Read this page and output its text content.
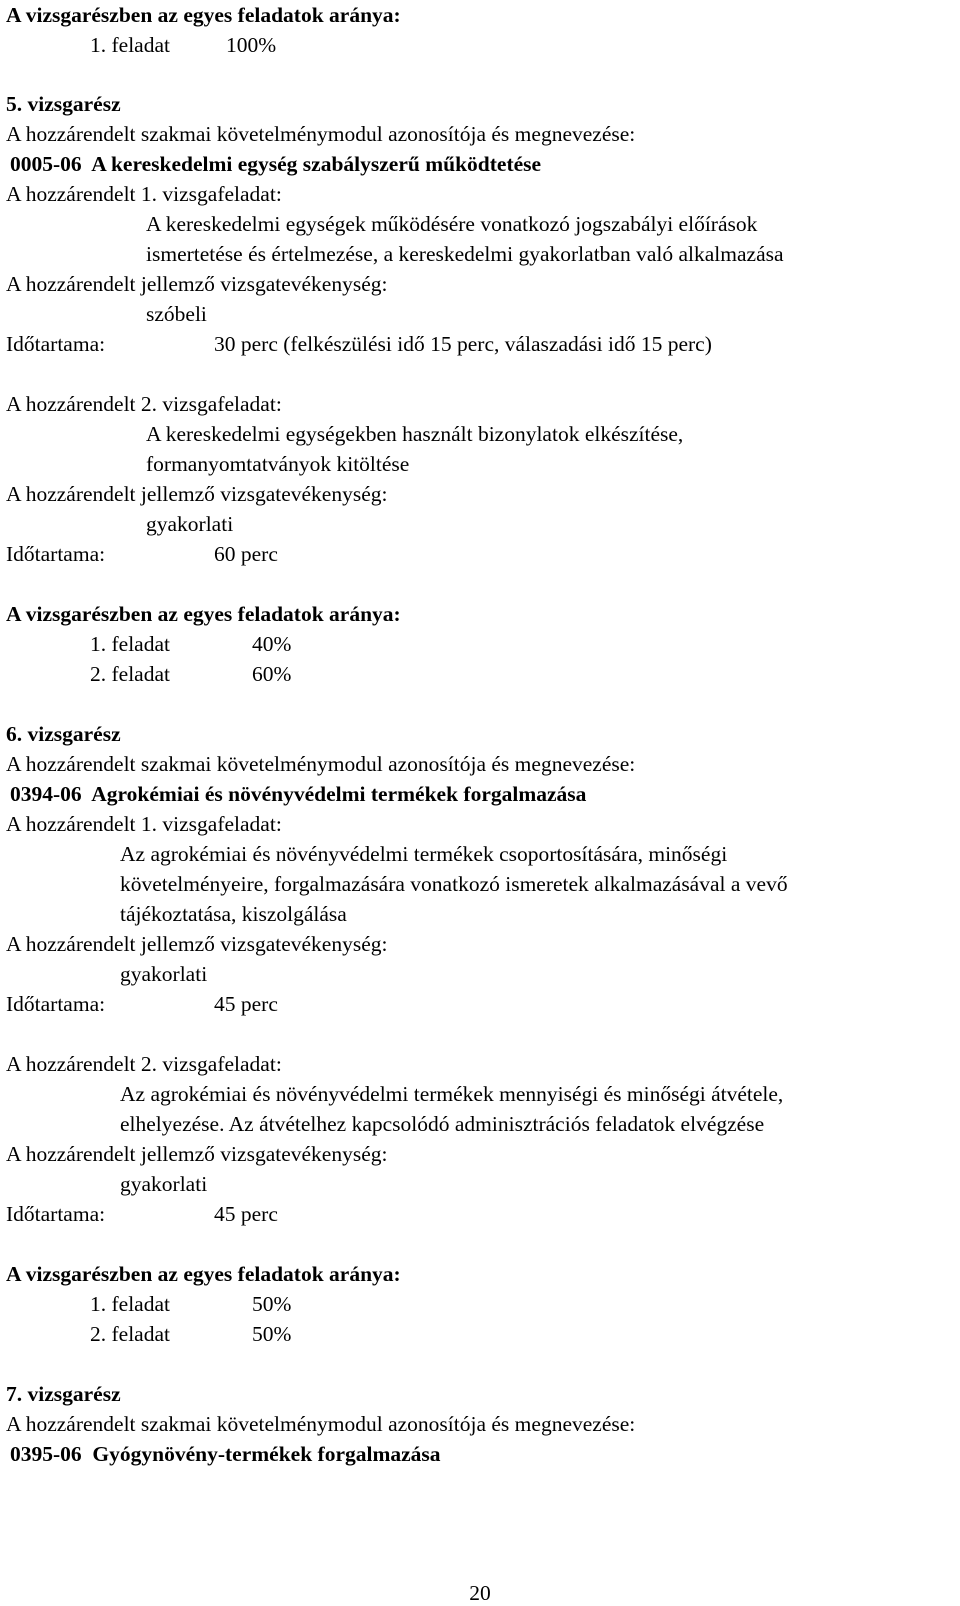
A vizsgarészben az egyes feladatok aránya:
1. feladat	100%
5. vizsgarész
A hozzárendelt szakmai követelménymodul azonosítója és megnevezése:
0005-06  A kereskedelmi egység szabályszerű működtetése
A hozzárendelt 1. vizsgafeladat:
A kereskedelmi egységek működésére vonatkozó jogszabályi előírások
ismertetése és értelmezése, a kereskedelmi gyakorlatban való alkalmazása
A hozzárendelt jellemző vizsgatevékenység:
szóbeli
Időtartama:	30 perc (felkészülési idő 15 perc, válaszadási idő 15 perc)
A hozzárendelt 2. vizsgafeladat:
A kereskedelmi egységekben használt bizonylatok elkészítése,
formanyomtatványok kitöltése
A hozzárendelt jellemző vizsgatevékenység:
gyakorlati
Időtartama:	60 perc
A vizsgarészben az egyes feladatok aránya:
1. feladat	40%
2. feladat	60%
6. vizsgarész
A hozzárendelt szakmai követelménymodul azonosítója és megnevezése:
0394-06  Agrokémiai és növényvédelmi termékek forgalmazása
A hozzárendelt 1. vizsgafeladat:
Az agrokémiai és növényvédelmi termékek csoportosítására, minőségi
követelményeire, forgalmazására vonatkozó ismeretek alkalmazásával a vevő
tájékoztatása, kiszolgálása
A hozzárendelt jellemző vizsgatevékenység:
gyakorlati
Időtartama:	45 perc
A hozzárendelt 2. vizsgafeladat:
Az agrokémiai és növényvédelmi termékek mennyiségi és minőségi átvétele,
elhelyezése. Az átvételhez kapcsolódó adminisztrációs feladatok elvégzése
A hozzárendelt jellemző vizsgatevékenység:
gyakorlati
Időtartama:	45 perc
A vizsgarészben az egyes feladatok aránya:
1. feladat	50%
2. feladat	50%
7. vizsgarész
A hozzárendelt szakmai követelménymodul azonosítója és megnevezése:
0395-06  Gyógynövény-termékek forgalmazása
20
